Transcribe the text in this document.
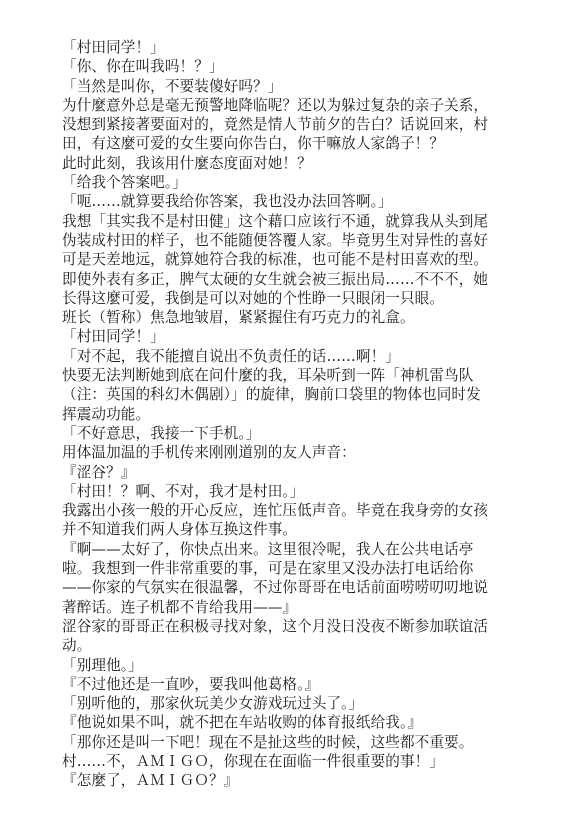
「村田同学！」
「你、你在叫我吗！？」
「当然是叫你，不要装傻好吗？」
为什麼意外总是毫无预警地降临呢？还以为躲过复杂的亲子关系，
没想到紧接著要面对的，竟然是情人节前夕的告白？话说回来，村
田，有这麼可爱的女生要向你告白，你干嘛放人家鸽子！？
此时此刻，我该用什麼态度面对她！？
「给我个答案吧。」
「呃……就算要我给你答案，我也没办法回答啊。」
我想「其实我不是村田健」这个藉口应该行不通，就算我从头到尾
伪装成村田的样子，也不能随便答覆人家。毕竟男生对异性的喜好
可是天差地远，就算她符合我的标准，也可能不是村田喜欢的型。
即使外表有多正，脾气太硬的女生就会被三振出局……不不不，她
长得这麼可爱，我倒是可以对她的个性睁一只眼闭一只眼。
班长（暂称）焦急地皱眉，紧紧握住有巧克力的礼盒。
「村田同学！」
「对不起，我不能擅自说出不负责任的话……啊！」
快要无法判断她到底在问什麼的我，耳朵听到一阵「神机雷鸟队
（注：英国的科幻木偶剧）」的旋律，胸前口袋里的物体也同时发
挥震动功能。
「不好意思，我接一下手机。」
用体温加温的手机传来刚刚道别的友人声音：
『涩谷？』
「村田！？啊、不对，我才是村田。」
我露出小孩一般的开心反应，连忙压低声音。毕竟在我身旁的女孩
并不知道我们两人身体互换这件事。
『啊——太好了，你快点出来。这里很冷呢，我人在公共电话亭
啦。我想到一件非常重要的事，可是在家里又没办法打电话给你
——你家的气氛实在很温馨，不过你哥哥在电话前面唠唠叨叨地说
著醉话。连子机都不肯给我用——』
涩谷家的哥哥正在积极寻找对象，这个月没日没夜不断参加联谊活
动。
「别理他。」
『不过他还是一直吵，要我叫他葛格。』
「别听他的，那家伙玩美少女游戏玩过头了。」
『他说如果不叫，就不把在车站收购的体育报纸给我。』
「那你还是叫一下吧！现在不是扯这些的时候，这些都不重要。
村……不，ＡＭＩＧＯ，你现在在面临一件很重要的事！」
『怎麼了，ＡＭＩＧＯ？』
